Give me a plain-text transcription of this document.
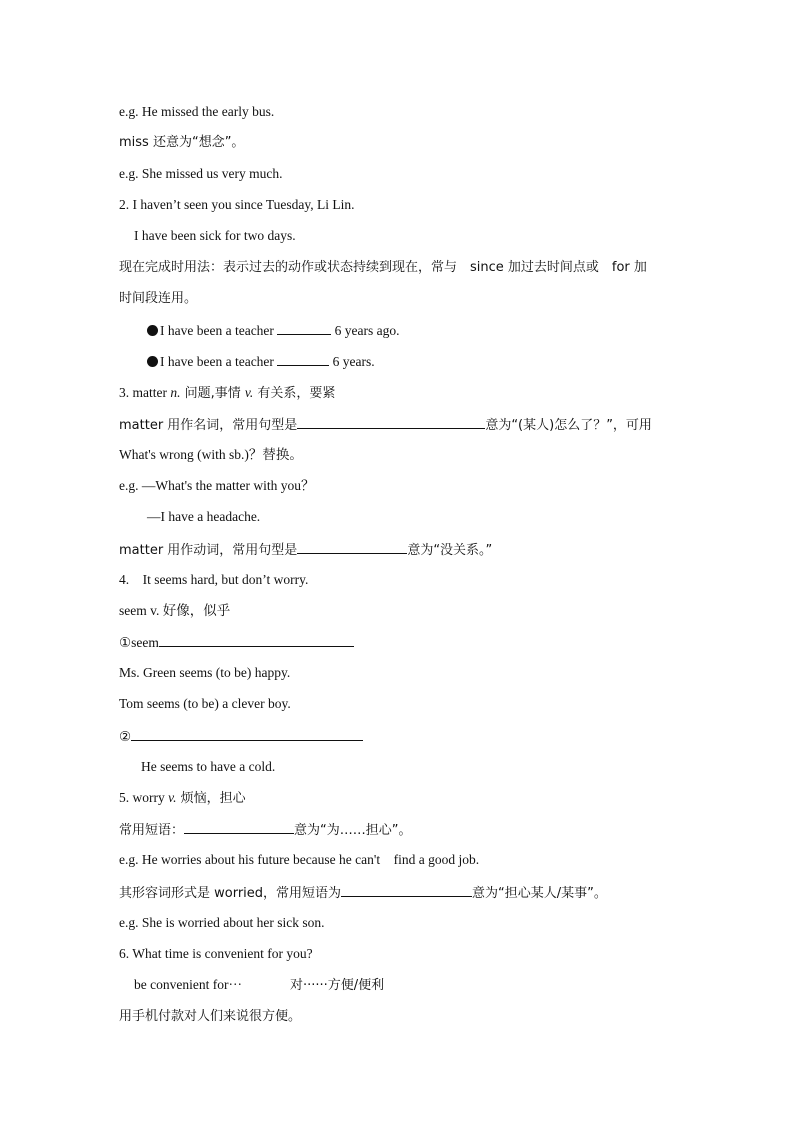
e.g. He missed the early bus.
miss 还意为“想念”。
e.g. She missed us very much.
2. I haven’t seen you since Tuesday, Li Lin.
I have been sick for two days.
现在完成时用法：表示过去的动作或状态持续到现在，常与　since 加过去时间点或　for 加
时间段连用。
I have been a teacher	6 years ago.
I have been a teacher	6 years.
3. matter n. 问题,事情 v. 有关系，要紧
matter 用作名词，常用句型是	意为“(某人)怎么了？”，可用
What's wrong (with sb.)？替换。
e.g. —What's the matter with you？
—I have a headache.
matter 用作动词，常用句型是	意为“没关系。”
4.　It seems hard, but don’t worry.
seem v. 好像，似乎
①seem
Ms. Green seems (to be) happy.
Tom seems (to be) a clever boy.
②
He seems to have a cold.
5. worry v. 烦恼，担心
常用短语：	意为“为……担心”。
e.g. He worries about his future because he can't　find a good job.
其形容词形式是 worried，常用短语为	意为“担心某人/某事”。
e.g. She is worried about her sick son.
6. What time is convenient for you?
be convenient for···	对······方便/便利
用手机付款对人们来说很方便。
